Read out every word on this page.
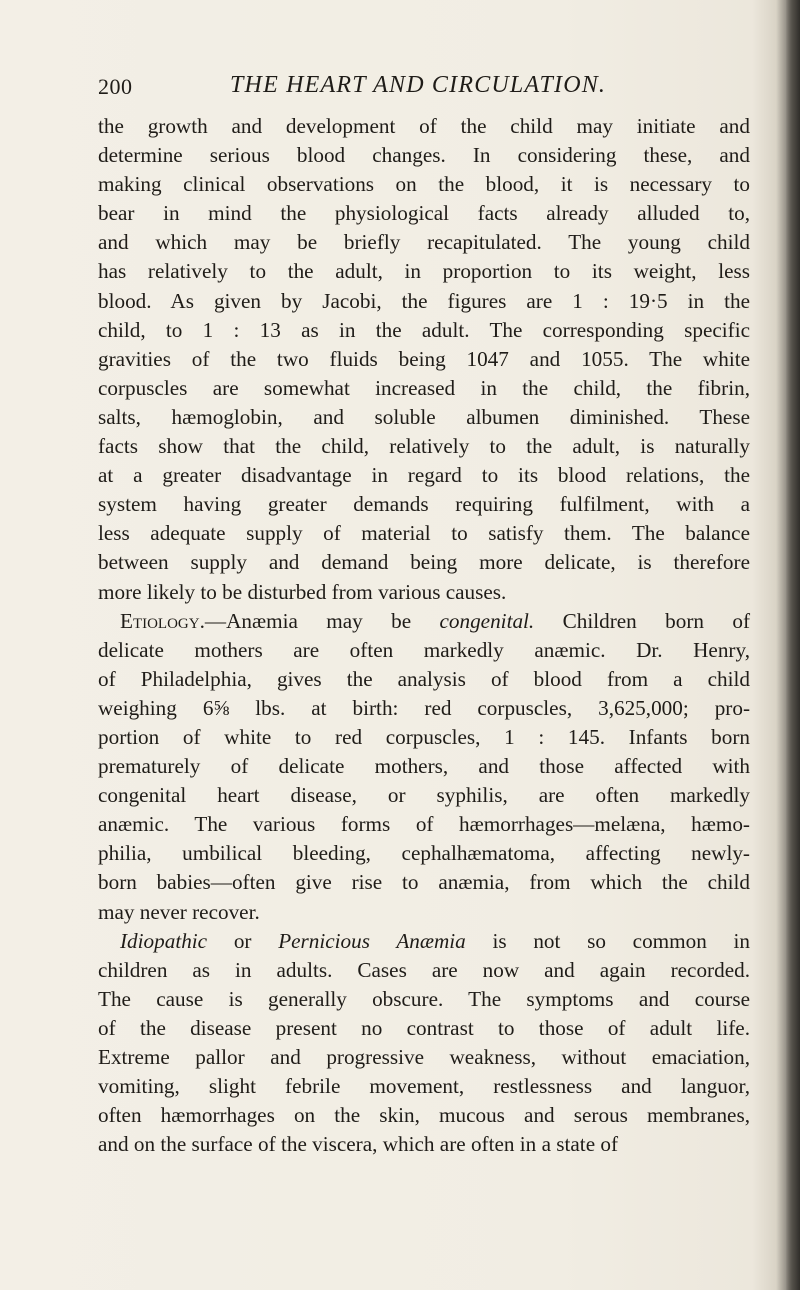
200	THE HEART AND CIRCULATION.
the growth and development of the child may initiate and
determine serious blood changes. In considering these, and
making clinical observations on the blood, it is necessary to
bear in mind the physiological facts already alluded to,
and which may be briefly recapitulated. The young child
has relatively to the adult, in proportion to its weight, less
blood. As given by Jacobi, the figures are 1 : 19·5 in the
child, to 1 : 13 as in the adult. The corresponding specific
gravities of the two fluids being 1047 and 1055. The white
corpuscles are somewhat increased in the child, the fibrin,
salts, hæmoglobin, and soluble albumen diminished. These
facts show that the child, relatively to the adult, is naturally
at a greater disadvantage in regard to its blood relations, the
system having greater demands requiring fulfilment, with a
less adequate supply of material to satisfy them. The balance
between supply and demand being more delicate, is therefore
more likely to be disturbed from various causes.
Etiology.—Anæmia may be congenital. Children born of
delicate mothers are often markedly anæmic. Dr. Henry,
of Philadelphia, gives the analysis of blood from a child
weighing 6⅝ lbs. at birth: red corpuscles, 3,625,000; pro-
portion of white to red corpuscles, 1 : 145. Infants born
prematurely of delicate mothers, and those affected with
congenital heart disease, or syphilis, are often markedly
anæmic. The various forms of hæmorrhages—melæna, hæmo-
philia, umbilical bleeding, cephalhæmatoma, affecting newly-
born babies—often give rise to anæmia, from which the child
may never recover.
Idiopathic or Pernicious Anæmia is not so common in
children as in adults. Cases are now and again recorded.
The cause is generally obscure. The symptoms and course
of the disease present no contrast to those of adult life.
Extreme pallor and progressive weakness, without emaciation,
vomiting, slight febrile movement, restlessness and languor,
often hæmorrhages on the skin, mucous and serous membranes,
and on the surface of the viscera, which are often in a state of
